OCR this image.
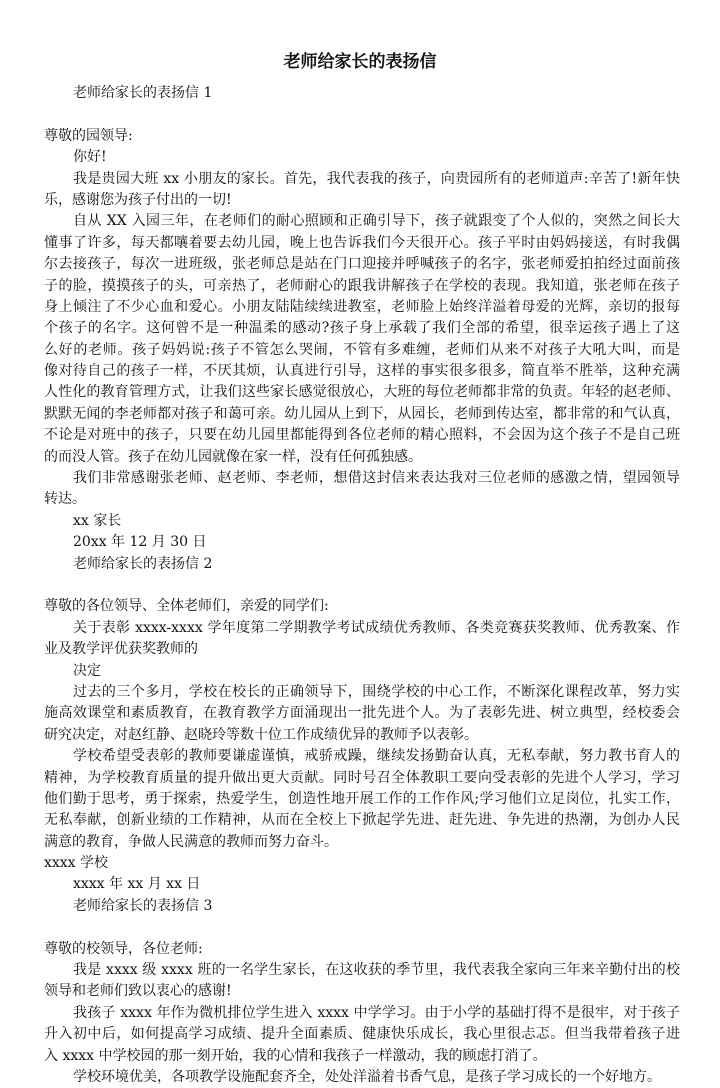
老师给家长的表扬信
老师给家长的表扬信 1
尊敬的园领导:
你好!
我是贵园大班 xx 小朋友的家长。首先，我代表我的孩子，向贵园所有的老师道声:辛苦了!新年快
乐，感谢您为孩子付出的一切!
自从 XX 入园三年，在老师们的耐心照顾和正确引导下，孩子就跟变了个人似的，突然之间长大
懂事了许多，每天都嚷着要去幼儿园，晚上也告诉我们今天很开心。孩子平时由妈妈接送，有时我偶
尔去接孩子，每次一进班级，张老师总是站在门口迎接并呼喊孩子的名字，张老师爱拍拍经过面前孩
子的脸，摸摸孩子的头，可亲热了，老师耐心的跟我讲解孩子在学校的表现。我知道，张老师在孩子
身上倾注了不少心血和爱心。小朋友陆陆续续进教室，老师脸上始终洋溢着母爱的光辉，亲切的报每
个孩子的名字。这何曾不是一种温柔的感动?孩子身上承载了我们全部的希望，很幸运孩子遇上了这
么好的老师。孩子妈妈说:孩子不管怎么哭闹，不管有多难缠，老师们从来不对孩子大吼大叫，而是
像对待自己的孩子一样，不厌其烦，认真进行引导，这样的事实很多很多，简直举不胜举，这种充满
人性化的教育管理方式，让我们这些家长感觉很放心，大班的每位老师都非常的负责。年轻的赵老师、
默默无闻的李老师都对孩子和蔼可亲。幼儿园从上到下，从园长，老师到传达室，都非常的和气认真，
不论是对班中的孩子，只要在幼儿园里都能得到各位老师的精心照料，不会因为这个孩子不是自己班
的而没人管。孩子在幼儿园就像在家一样，没有任何孤独感。
我们非常感谢张老师、赵老师、李老师，想借这封信来表达我对三位老师的感激之情，望园领导
转达。
xx 家长
20xx 年 12 月 30 日
老师给家长的表扬信 2
尊敬的各位领导、全体老师们，亲爱的同学们:
关于表彰 xxxx-xxxx 学年度第二学期教学考试成绩优秀教师、各类竞赛获奖教师、优秀教案、作
业及教学评优获奖教师的
决定
过去的三个多月，学校在校长的正确领导下，围绕学校的中心工作，不断深化课程改革，努力实
施高效课堂和素质教育，在教育教学方面涌现出一批先进个人。为了表彰先进、树立典型，经校委会
研究决定，对赵红静、赵晓玲等数十位工作成绩优异的教师予以表彰。
学校希望受表彰的教师要谦虚谨慎，戒骄戒躁，继续发扬勤奋认真，无私奉献，努力教书育人的
精神，为学校教育质量的提升做出更大贡献。同时号召全体教职工要向受表彰的先进个人学习，学习
他们勤于思考，勇于探索，热爱学生，创造性地开展工作的工作作风;学习他们立足岗位，扎实工作，
无私奉献，创新业绩的工作精神，从而在全校上下掀起学先进、赶先进、争先进的热潮，为创办人民
满意的教育，争做人民满意的教师而努力奋斗。
xxxx 学校
xxxx 年 xx 月 xx 日
老师给家长的表扬信 3
尊敬的校领导，各位老师:
我是 xxxx 级 xxxx 班的一名学生家长，在这收获的季节里，我代表我全家向三年来辛勤付出的校
领导和老师们致以衷心的感谢!
我孩子 xxxx 年作为微机排位学生进入 xxxx 中学学习。由于小学的基础打得不是很牢，对于孩子
升入初中后，如何提高学习成绩、提升全面素质、健康快乐成长，我心里很忐忑。但当我带着孩子进
入 xxxx 中学校园的那一刻开始，我的心情和我孩子一样激动，我的顾虑打消了。
学校环境优美，各项教学设施配套齐全，处处洋溢着书香气息，是孩子学习成长的一个好地方。
